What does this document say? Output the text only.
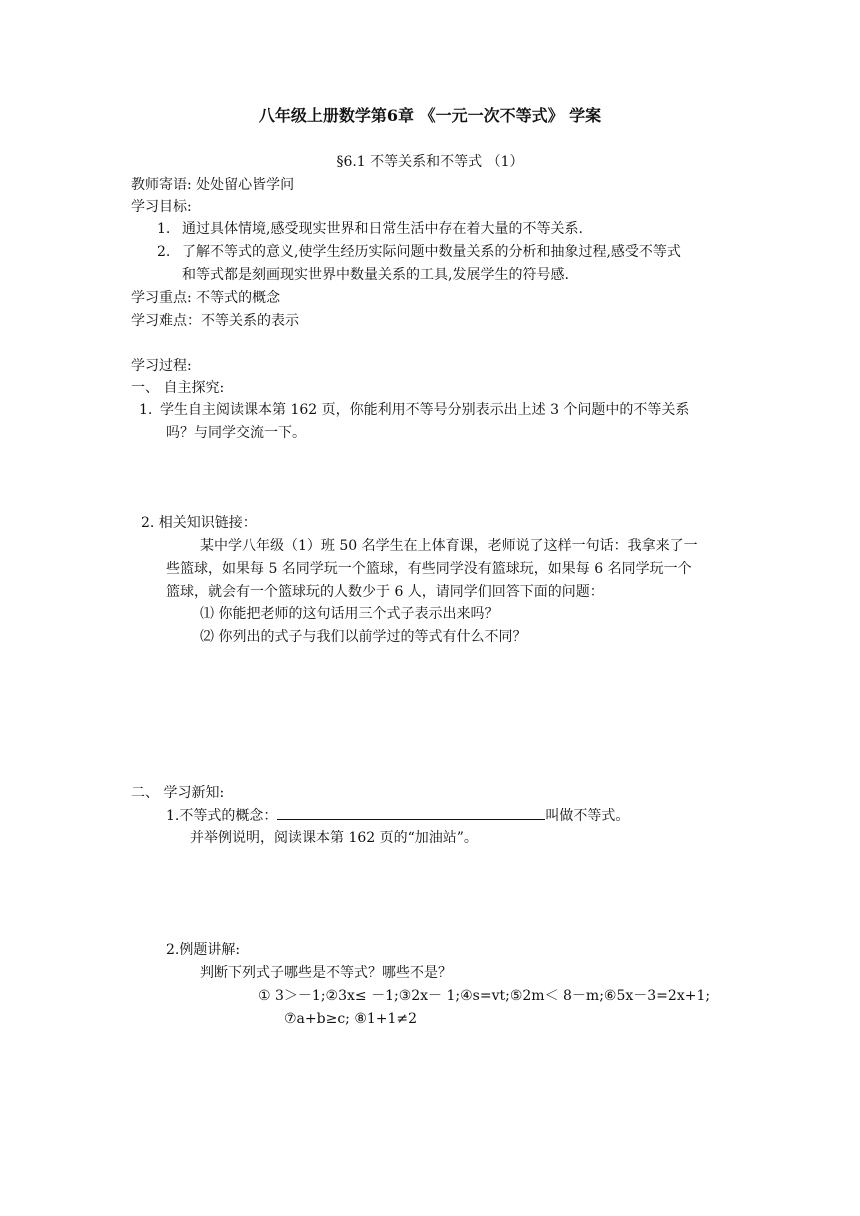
八年级上册数学第6章 《一元一次不等式》 学案
§6.1 不等关系和不等式 （1）
教师寄语: 处处留心皆学问
学习目标:
1. 通过具体情境,感受现实世界和日常生活中存在着大量的不等关系.
2. 了解不等式的意义,使学生经历实际问题中数量关系的分析和抽象过程,感受不等式
和等式都是刻画现实世界中数量关系的工具,发展学生的符号感.
学习重点: 不等式的概念
学习难点：不等关系的表示
学习过程:
一、 自主探究:
1. 学生自主阅读课本第 162 页，你能利用不等号分别表示出上述 3 个问题中的不等关系
吗？与同学交流一下。
2. 相关知识链接：
某中学八年级（1）班 50 名学生在上体育课，老师说了这样一句话：我拿来了一
些篮球，如果每 5 名同学玩一个篮球，有些同学没有篮球玩，如果每 6 名同学玩一个
篮球，就会有一个篮球玩的人数少于 6 人，请同学们回答下面的问题：
⑴ 你能把老师的这句话用三个式子表示出来吗？
⑵ 你列出的式子与我们以前学过的等式有什么不同？
二、 学习新知:
1.不等式的概念：	叫做不等式。
并举例说明，阅读课本第 162 页的“加油站”。
2.例题讲解:
判断下列式子哪些是不等式？哪些不是？
① 3＞－1;②3x≤ －1;③2x－ 1;④s=vt;⑤2m＜ 8－m;⑥5x－3=2x+1;
⑦a+b≥c; ⑧1+1≠2
